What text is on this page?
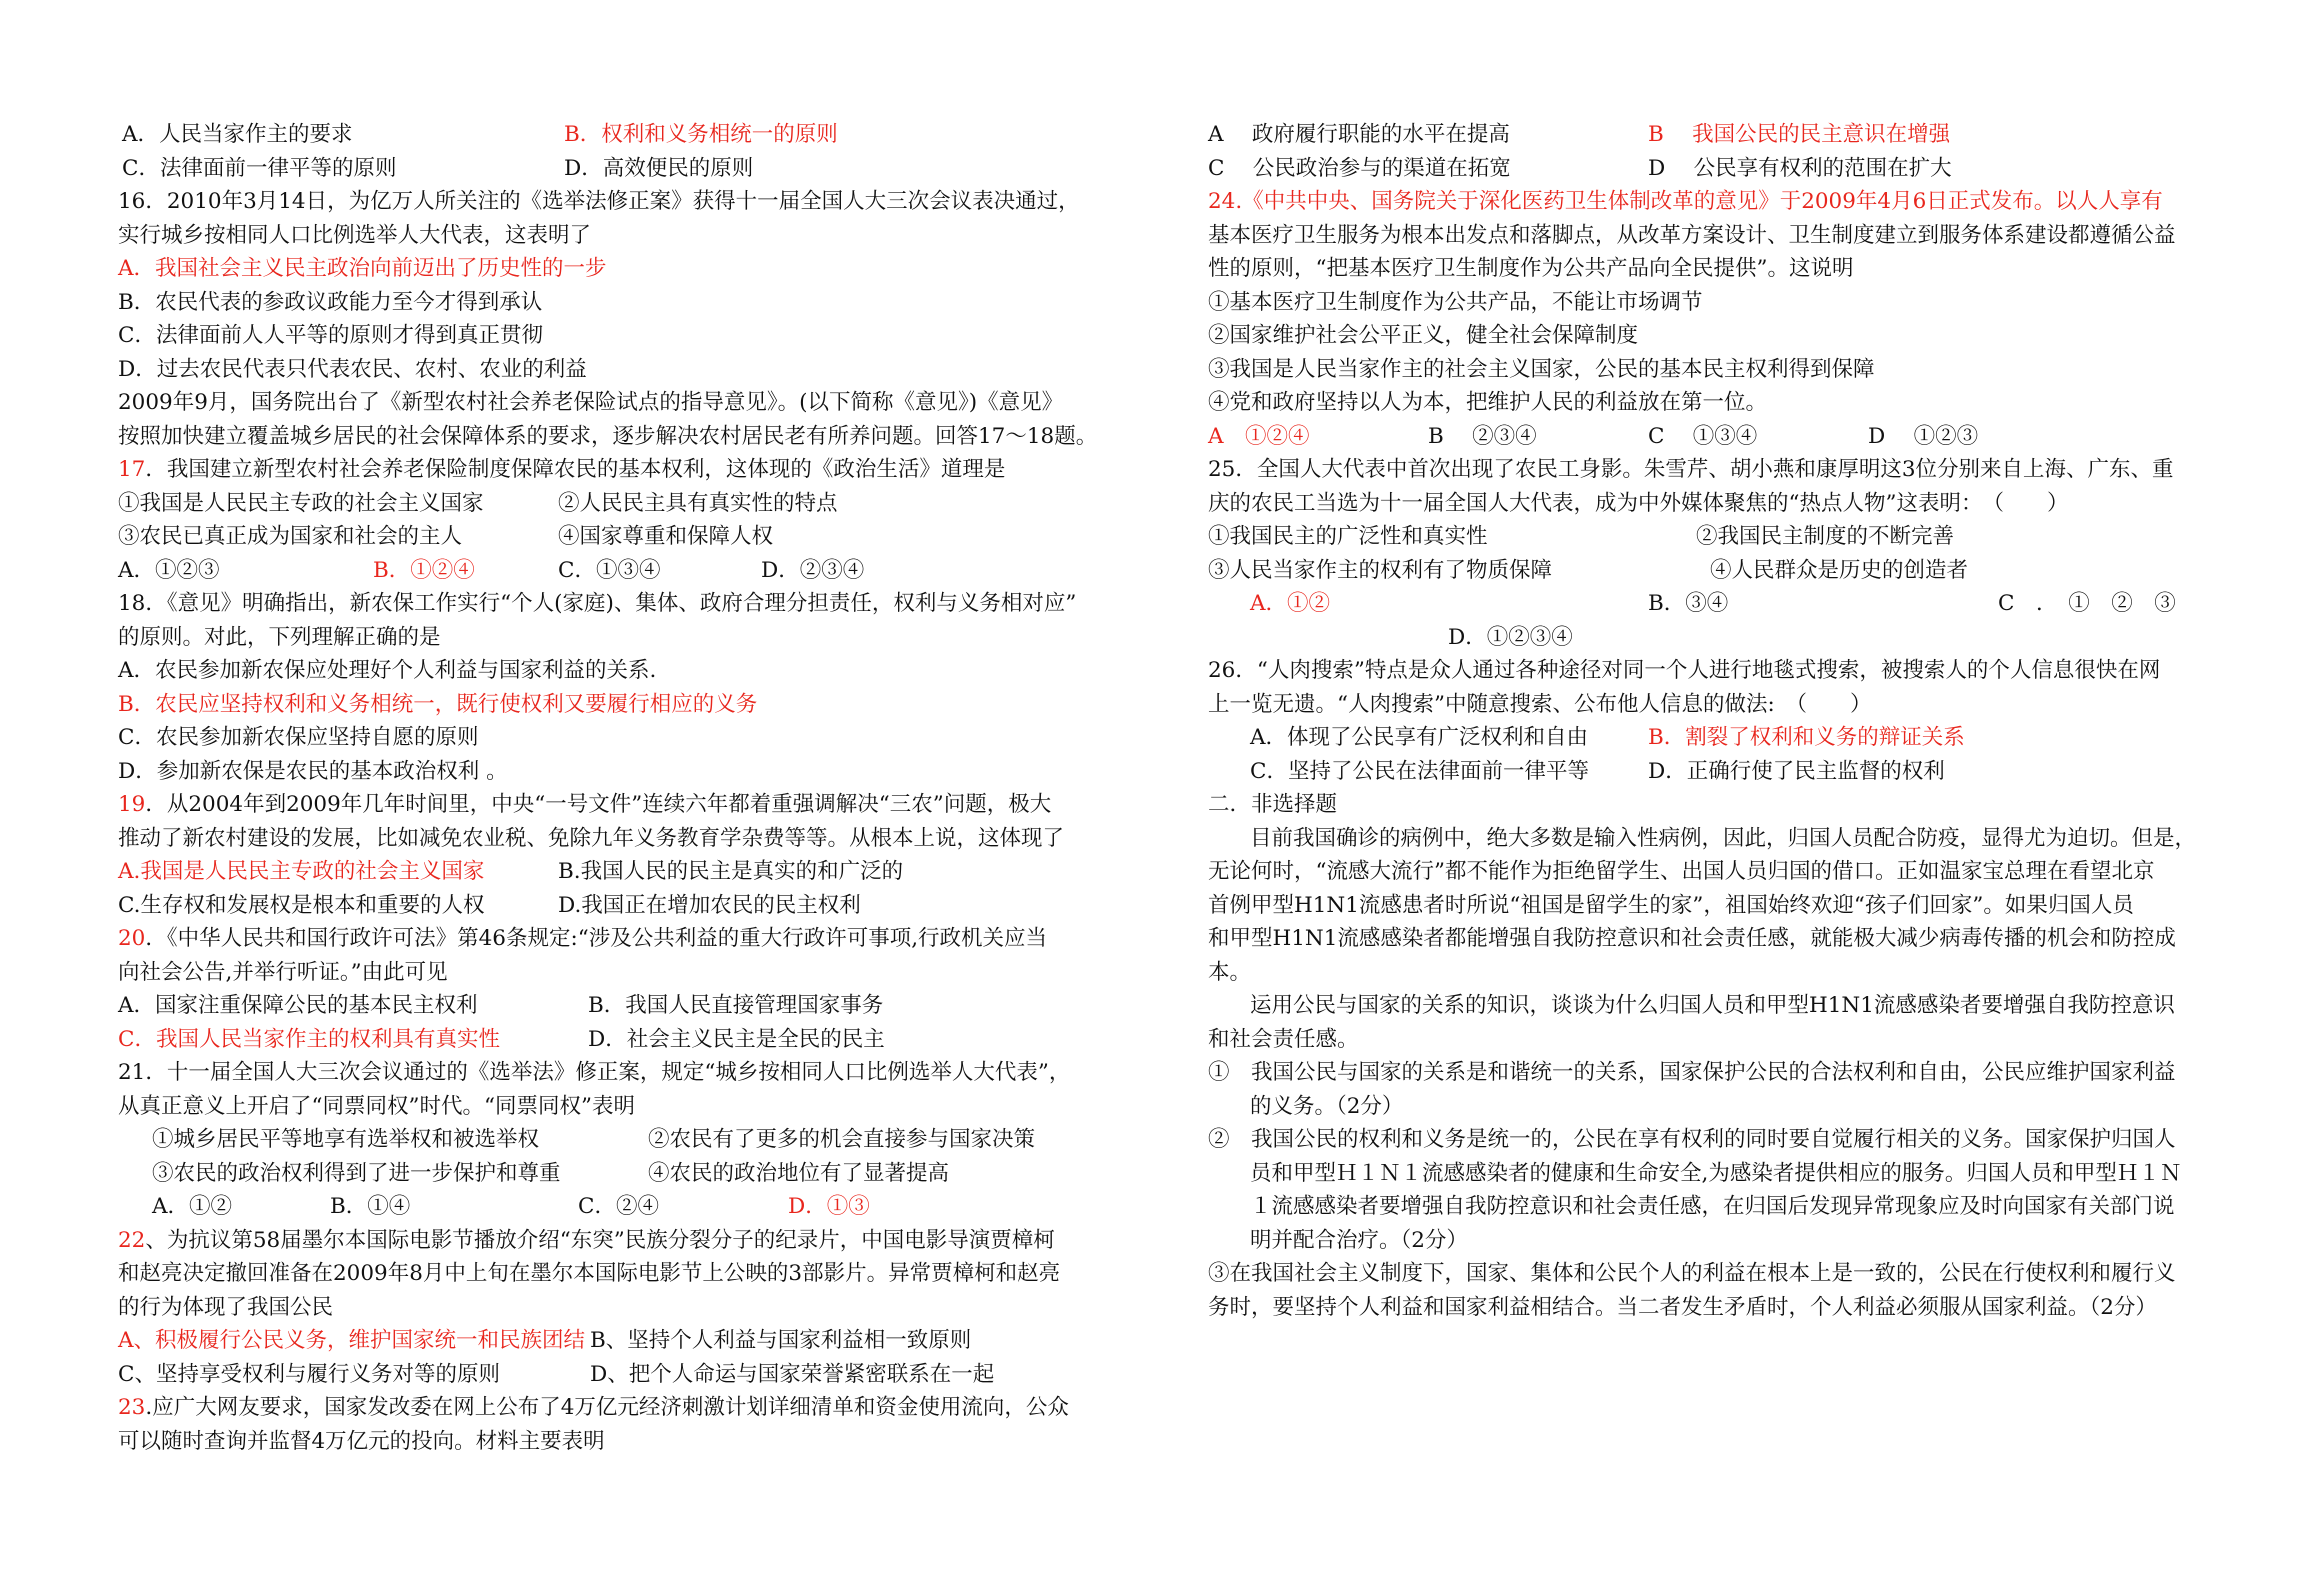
A．人民当家作主的要求	B．权利和义务相统一的原则
C．法律面前一律平等的原则	D．高效便民的原则
16．2010年3月14日，为亿万人所关注的《选举法修正案》获得十一届全国人大三次会议表决通过，
实行城乡按相同人口比例选举人大代表，这表明了
A．我国社会主义民主政治向前迈出了历史性的一步
B．农民代表的参政议政能力至今才得到承认
C．法律面前人人平等的原则才得到真正贯彻
D．过去农民代表只代表农民、农村、农业的利益
2009年9月，国务院出台了《新型农村社会养老保险试点的指导意见》。(以下简称《意见》)《意见》
按照加快建立覆盖城乡居民的社会保障体系的要求，逐步解决农村居民老有所养问题。回答17～18题。
17．我国建立新型农村社会养老保险制度保障农民的基本权利，这体现的《政治生活》道理是
①我国是人民民主专政的社会主义国家	②人民民主具有真实性的特点
③农民已真正成为国家和社会的主人	④国家尊重和保障人权
A．①②③	B．①②④	C．①③④	D．②③④
18．《意见》明确指出，新农保工作实行“个人(家庭)、集体、政府合理分担责任，权利与义务相对应”
的原则。对此，下列理解正确的是
A．农民参加新农保应处理好个人利益与国家利益的关系.
B．农民应坚持权利和义务相统一，既行使权利又要履行相应的义务
C．农民参加新农保应坚持自愿的原则
D．参加新农保是农民的基本政治权利 。
19．从2004年到2009年几年时间里，中央“一号文件”连续六年都着重强调解决“三农”问题，极大
推动了新农村建设的发展，比如减免农业税、免除九年义务教育学杂费等等。从根本上说，这体现了
A.我国是人民民主专政的社会主义国家	B.我国人民的民主是真实的和广泛的
C.生存权和发展权是根本和重要的人权	D.我国正在增加农民的民主权利
20．《中华人民共和国行政许可法》第46条规定:“涉及公共利益的重大行政许可事项,行政机关应当
向社会公告,并举行听证。”由此可见
A．国家注重保障公民的基本民主权利	B．我国人民直接管理国家事务
C．我国人民当家作主的权利具有真实性	D．社会主义民主是全民的民主
21．十一届全国人大三次会议通过的《选举法》修正案，规定“城乡按相同人口比例选举人大代表”，
从真正意义上开启了“同票同权”时代。“同票同权”表明
①城乡居民平等地享有选举权和被选举权	②农民有了更多的机会直接参与国家决策
③农民的政治权利得到了进一步保护和尊重	④农民的政治地位有了显著提高
A．①②	B．①④	C．②④	D．①③
22、为抗议第58届墨尔本国际电影节播放介绍“东突”民族分裂分子的纪录片，中国电影导演贾樟柯
和赵亮决定撤回准备在2009年8月中上旬在墨尔本国际电影节上公映的3部影片。异常贾樟柯和赵亮
的行为体现了我国公民
A、积极履行公民义务，维护国家统一和民族团结 B、坚持个人利益与国家利益相一致原则
C、坚持享受权利与履行义务对等的原则	D、把个人命运与国家荣誉紧密联系在一起
23.应广大网友要求，国家发改委在网上公布了4万亿元经济刺激计划详细清单和资金使用流向，公众
可以随时查询并监督4万亿元的投向。材料主要表明
A　 政府履行职能的水平在提高	B　 我国公民的民主意识在增强
C　 公民政治参与的渠道在拓宽	D　 公民享有权利的范围在扩大
24.《中共中央、国务院关于深化医药卫生体制改革的意见》于2009年4月6日正式发布。以人人享有
基本医疗卫生服务为根本出发点和落脚点，从改革方案设计、卫生制度建立到服务体系建设都遵循公益
性的原则，“把基本医疗卫生制度作为公共产品向全民提供”。这说明
①基本医疗卫生制度作为公共产品，不能让市场调节
②国家维护社会公平正义，健全社会保障制度
③我国是人民当家作主的社会主义国家，公民的基本民主权利得到保障
④党和政府坚持以人为本，把维护人民的利益放在第一位。
A　①②④	B　 ②③④	C　 ①③④	D　 ①②③
25．全国人大代表中首次出现了农民工身影。朱雪芹、胡小燕和康厚明这3位分别来自上海、广东、重
庆的农民工当选为十一届全国人大代表，成为中外媒体聚焦的“热点人物”这表明：　（　　）
①我国民主的广泛性和真实性	②我国民主制度的不断完善
③人民当家作主的权利有了物质保障	④人民群众是历史的创造者
A．①②	B．③④	C　．　①　②　③
D．①②③④
26．“人肉搜索”特点是众人通过各种途径对同一个人进行地毯式搜索，被搜索人的个人信息很快在网
上一览无遗。“人肉搜索”中随意搜索、公布他人信息的做法:　（　　）
A．体现了公民享有广泛权利和自由	B．割裂了权利和义务的辩证关系
C．坚持了公民在法律面前一律平等	D．正确行使了民主监督的权利
二．非选择题
目前我国确诊的病例中，绝大多数是输入性病例，因此，归国人员配合防疫，显得尤为迫切。但是，
无论何时，“流感大流行”都不能作为拒绝留学生、出国人员归国的借口。正如温家宝总理在看望北京
首例甲型H1N1流感患者时所说“祖国是留学生的家”，祖国始终欢迎“孩子们回家”。如果归国人员
和甲型H1N1流感感染者都能增强自我防控意识和社会责任感，就能极大减少病毒传播的机会和防控成
本。
运用公民与国家的关系的知识，谈谈为什么归国人员和甲型H1N1流感感染者要增强自我防控意识
和社会责任感。
①　我国公民与国家的关系是和谐统一的关系，国家保护公民的合法权利和自由，公民应维护国家利益
的义务。（2分）
②　我国公民的权利和义务是统一的，公民在享有权利的同时要自觉履行相关的义务。国家保护归国人
员和甲型Ｈ１Ｎ１流感感染者的健康和生命安全,为感染者提供相应的服务。归国人员和甲型Ｈ１Ｎ
１流感感染者要增强自我防控意识和社会责任感，在归国后发现异常现象应及时向国家有关部门说
明并配合治疗。（2分）
③在我国社会主义制度下，国家、集体和公民个人的利益在根本上是一致的，公民在行使权利和履行义
务时，要坚持个人利益和国家利益相结合。当二者发生矛盾时，个人利益必须服从国家利益。（2分）
